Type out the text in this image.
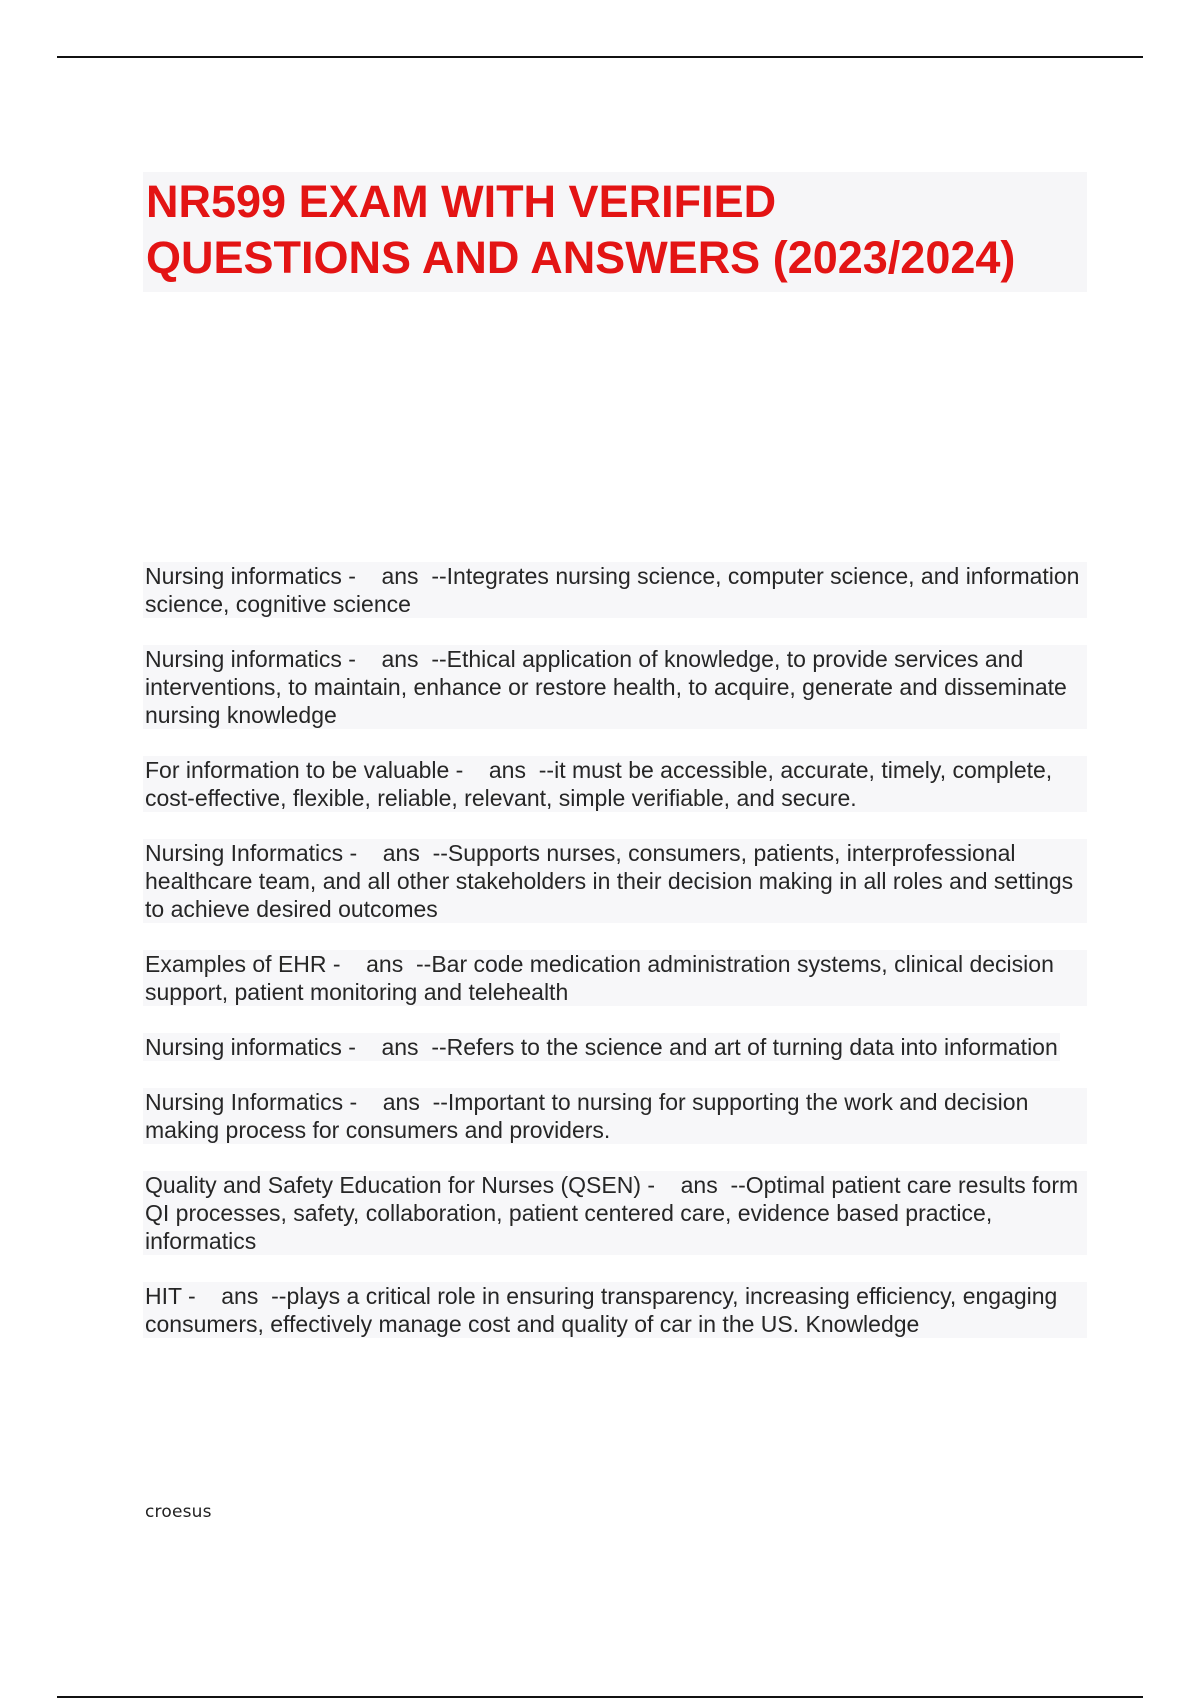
NR599 EXAM WITH VERIFIED
QUESTIONS AND ANSWERS (2023/2024)
Nursing informatics -    ans  --Integrates nursing science, computer science, and information science, cognitive science
Nursing informatics -    ans  --Ethical application of knowledge, to provide services and interventions, to maintain, enhance or restore health, to acquire, generate and disseminate nursing knowledge
For information to be valuable -    ans  --it must be accessible, accurate, timely, complete, cost-effective, flexible, reliable, relevant, simple verifiable, and secure.
Nursing Informatics -    ans  --Supports nurses, consumers, patients, interprofessional healthcare team, and all other stakeholders in their decision making in all roles and settings to achieve desired outcomes
Examples of EHR -    ans  --Bar code medication administration systems, clinical decision support, patient monitoring and telehealth
Nursing informatics -    ans  --Refers to the science and art of turning data into information
Nursing Informatics -    ans  --Important to nursing for supporting the work and decision making process for consumers and providers.
Quality and Safety Education for Nurses (QSEN) -    ans  --Optimal patient care results form QI processes, safety, collaboration, patient centered care, evidence based practice, informatics
HIT -    ans  --plays a critical role in ensuring transparency, increasing efficiency, engaging consumers, effectively manage cost and quality of car in the US. Knowledge
croesus
